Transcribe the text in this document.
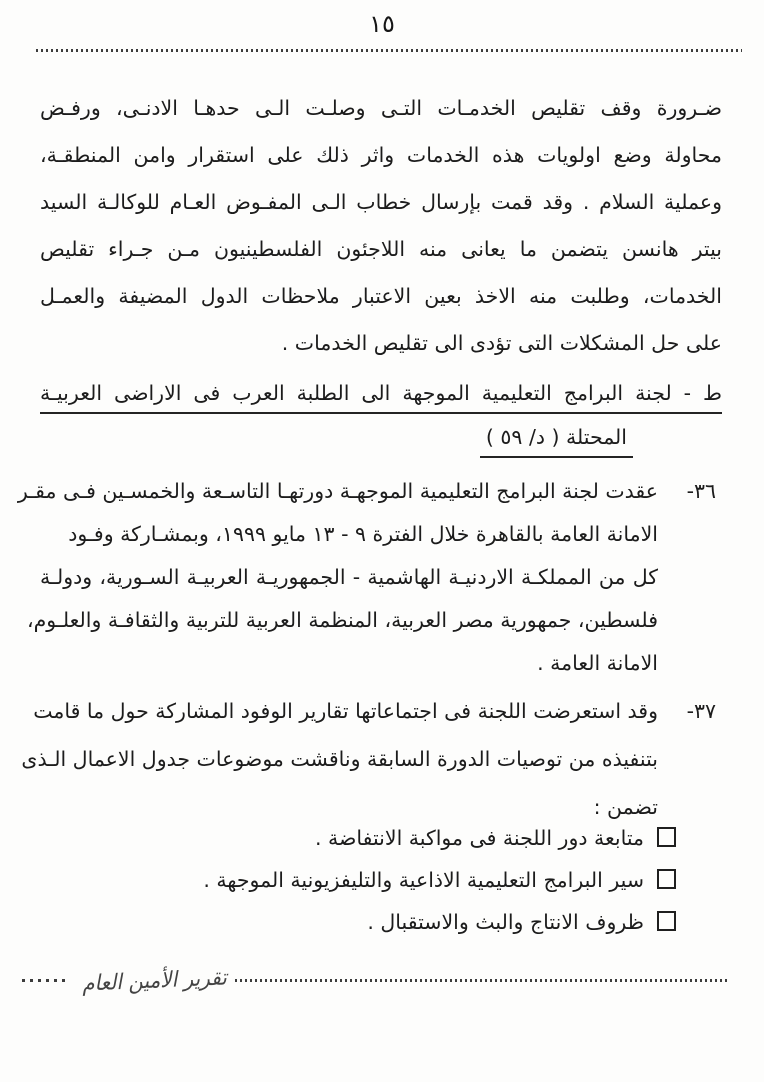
١٥
ضـرورة وقف تقليص الخدمـات التـى وصلـت الـى حدهـا الادنـى، ورفـض
محاولة وضع اولويات هذه الخدمات واثر ذلك على استقرار وامن المنطقـة،
وعملية السلام . وقد قمت بإرسال خطاب الـى المفـوض العـام للوكالـة السيد
بيتر هانسن يتضمن ما يعانى منه اللاجئون الفلسطينيون مـن جـراء تقليص
الخدمات، وطلبت منه الاخذ بعين الاعتبار ملاحظات الدول المضيفة والعمـل
على حل المشكلات التى تؤدى الى تقليص الخدمات .
ط - لجنة البرامج التعليمية الموجهة الى الطلبة العرب فى الاراضى العربيـة
المحتلة ( د/ ٥٩ )
٣٦-
عقدت لجنة البرامج التعليمية الموجهـة دورتهـا التاسـعة والخمسـين فـى مقـر
الامانة العامة بالقاهرة خلال الفترة ٩ - ١٣ مايو ١٩٩٩، وبمشـاركة وفـود
كل من المملكـة الاردنيـة الهاشمية - الجمهوريـة العربيـة السـورية، ودولـة
فلسطين، جمهورية مصر العربية، المنظمة العربية للتربية والثقافـة والعلـوم،
الامانة العامة .
٣٧-
وقد استعرضت اللجنة فى اجتماعاتها تقارير الوفود المشاركة حول ما قامت
بتنفيذه من توصيات الدورة السابقة وناقشت موضوعات جدول الاعمال الـذى
تضمن :
متابعة دور اللجنة فى مواكبة الانتفاضة .
سير البرامج التعليمية الاذاعية والتليفزيونية الموجهة .
ظروف الانتاج والبث والاستقبال .
تقرير الأمين العام
